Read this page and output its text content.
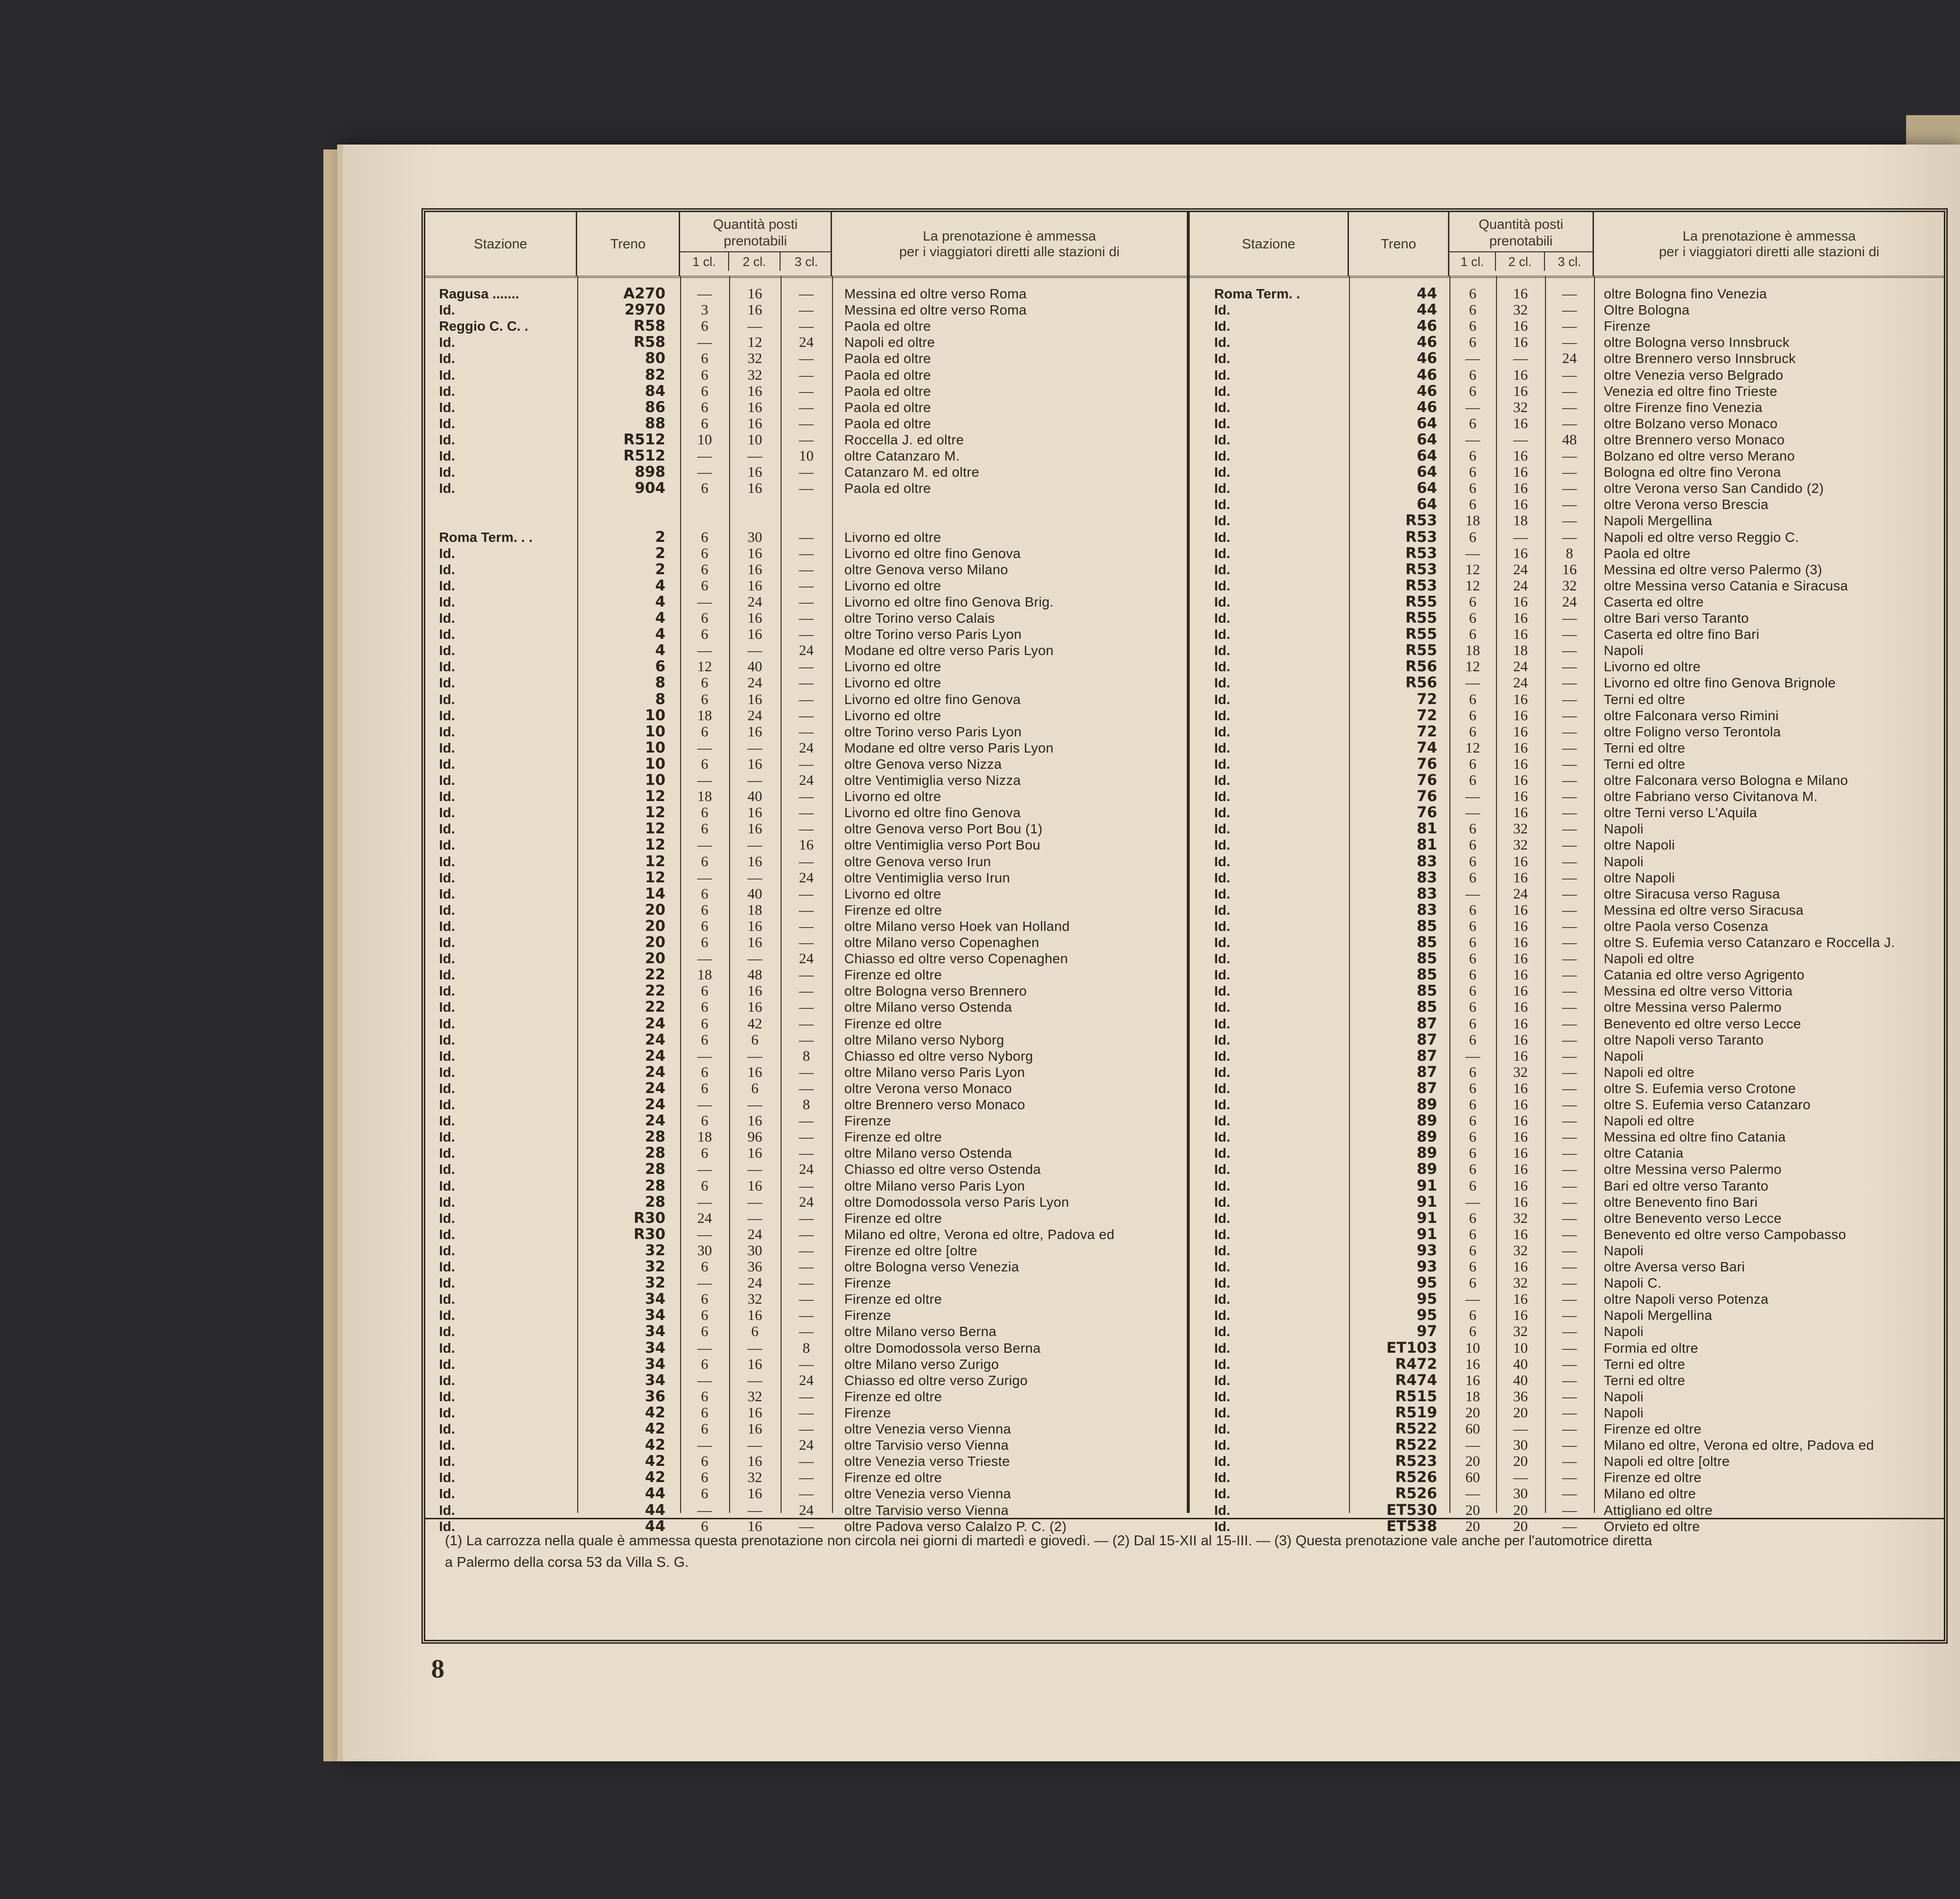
Stazione	Treno
Quantità posti
prenotabili
1 cl.	2 cl.	3 cl.
La prenotazione è ammessa
per i viaggiatori diretti alle stazioni di
Ragusa .......	A270	—	16	—	Messina ed oltre verso Roma
Id.	2970	3	16	—	Messina ed oltre verso Roma
Reggio C. C. .	R58	6	—	—	Paola ed oltre
Id.	R58	—	12	24	Napoli ed oltre
Id.	80	6	32	—	Paola ed oltre
Id.	82	6	32	—	Paola ed oltre
Id.	84	6	16	—	Paola ed oltre
Id.	86	6	16	—	Paola ed oltre
Id.	88	6	16	—	Paola ed oltre
Id.	R512	10	10	—	Roccella J. ed oltre
Id.	R512	—	—	10	oltre Catanzaro M.
Id.	898	—	16	—	Catanzaro M. ed oltre
Id.	904	6	16	—	Paola ed oltre
Roma Term. . .	2	6	30	—	Livorno ed oltre
Id.	2	6	16	—	Livorno ed oltre fino Genova
Id.	2	6	16	—	oltre Genova verso Milano
Id.	4	6	16	—	Livorno ed oltre
Id.	4	—	24	—	Livorno ed oltre fino Genova Brig.
Id.	4	6	16	—	oltre Torino verso Calais
Id.	4	6	16	—	oltre Torino verso Paris Lyon
Id.	4	—	—	24	Modane ed oltre verso Paris Lyon
Id.	6	12	40	—	Livorno ed oltre
Id.	8	6	24	—	Livorno ed oltre
Id.	8	6	16	—	Livorno ed oltre fino Genova
Id.	10	18	24	—	Livorno ed oltre
Id.	10	6	16	—	oltre Torino verso Paris Lyon
Id.	10	—	—	24	Modane ed oltre verso Paris Lyon
Id.	10	6	16	—	oltre Genova verso Nizza
Id.	10	—	—	24	oltre Ventimiglia verso Nizza
Id.	12	18	40	—	Livorno ed oltre
Id.	12	6	16	—	Livorno ed oltre fino Genova
Id.	12	6	16	—	oltre Genova verso Port Bou (1)
Id.	12	—	—	16	oltre Ventimiglia verso Port Bou
Id.	12	6	16	—	oltre Genova verso Irun
Id.	12	—	—	24	oltre Ventimiglia verso Irun
Id.	14	6	40	—	Livorno ed oltre
Id.	20	6	18	—	Firenze ed oltre
Id.	20	6	16	—	oltre Milano verso Hoek van Holland
Id.	20	6	16	—	oltre Milano verso Copenaghen
Id.	20	—	—	24	Chiasso ed oltre verso Copenaghen
Id.	22	18	48	—	Firenze ed oltre
Id.	22	6	16	—	oltre Bologna verso Brennero
Id.	22	6	16	—	oltre Milano verso Ostenda
Id.	24	6	42	—	Firenze ed oltre
Id.	24	6	6	—	oltre Milano verso Nyborg
Id.	24	—	—	8	Chiasso ed oltre verso Nyborg
Id.	24	6	16	—	oltre Milano verso Paris Lyon
Id.	24	6	6	—	oltre Verona verso Monaco
Id.	24	—	—	8	oltre Brennero verso Monaco
Id.	24	6	16	—	Firenze
Id.	28	18	96	—	Firenze ed oltre
Id.	28	6	16	—	oltre Milano verso Ostenda
Id.	28	—	—	24	Chiasso ed oltre verso Ostenda
Id.	28	6	16	—	oltre Milano verso Paris Lyon
Id.	28	—	—	24	oltre Domodossola verso Paris Lyon
Id.	R30	24	—	—	Firenze ed oltre
Id.	R30	—	24	—	Milano ed oltre, Verona ed oltre, Padova ed
Id.	32	30	30	—	Firenze ed oltre [oltre
Id.	32	6	36	—	oltre Bologna verso Venezia
Id.	32	—	24	—	Firenze
Id.	34	6	32	—	Firenze ed oltre
Id.	34	6	16	—	Firenze
Id.	34	6	6	—	oltre Milano verso Berna
Id.	34	—	—	8	oltre Domodossola verso Berna
Id.	34	6	16	—	oltre Milano verso Zurigo
Id.	34	—	—	24	Chiasso ed oltre verso Zurigo
Id.	36	6	32	—	Firenze ed oltre
Id.	42	6	16	—	Firenze
Id.	42	6	16	—	oltre Venezia verso Vienna
Id.	42	—	—	24	oltre Tarvisio verso Vienna
Id.	42	6	16	—	oltre Venezia verso Trieste
Id.	42	6	32	—	Firenze ed oltre
Id.	44	6	16	—	oltre Venezia verso Vienna
Id.	44	—	—	24	oltre Tarvisio verso Vienna
Id.	44	6	16	—	oltre Padova verso Calalzo P. C. (2)
Stazione	Treno
Quantità posti
prenotabili
1 cl.	2 cl.	3 cl.
La prenotazione è ammessa
per i viaggiatori diretti alle stazioni di
Roma Term. .	44	6	16	—	oltre Bologna fino Venezia
Id.	44	6	32	—	Oltre Bologna
Id.	46	6	16	—	Firenze
Id.	46	6	16	—	oltre Bologna verso Innsbruck
Id.	46	—	—	24	oltre Brennero verso Innsbruck
Id.	46	6	16	—	oltre Venezia verso Belgrado
Id.	46	6	16	—	Venezia ed oltre fino Trieste
Id.	46	—	32	—	oltre Firenze fino Venezia
Id.	64	6	16	—	oltre Bolzano verso Monaco
Id.	64	—	—	48	oltre Brennero verso Monaco
Id.	64	6	16	—	Bolzano ed oltre verso Merano
Id.	64	6	16	—	Bologna ed oltre fino Verona
Id.	64	6	16	—	oltre Verona verso San Candido (2)
Id.	64	6	16	—	oltre Verona verso Brescia
Id.	R53	18	18	—	Napoli Mergellina
Id.	R53	6	—	—	Napoli ed oltre verso Reggio C.
Id.	R53	—	16	8	Paola ed oltre
Id.	R53	12	24	16	Messina ed oltre verso Palermo (3)
Id.	R53	12	24	32	oltre Messina verso Catania e Siracusa
Id.	R55	6	16	24	Caserta ed oltre
Id.	R55	6	16	—	oltre Bari verso Taranto
Id.	R55	6	16	—	Caserta ed oltre fino Bari
Id.	R55	18	18	—	Napoli
Id.	R56	12	24	—	Livorno ed oltre
Id.	R56	—	24	—	Livorno ed oltre fino Genova Brignole
Id.	72	6	16	—	Terni ed oltre
Id.	72	6	16	—	oltre Falconara verso Rimini
Id.	72	6	16	—	oltre Foligno verso Terontola
Id.	74	12	16	—	Terni ed oltre
Id.	76	6	16	—	Terni ed oltre
Id.	76	6	16	—	oltre Falconara verso Bologna e Milano
Id.	76	—	16	—	oltre Fabriano verso Civitanova M.
Id.	76	—	16	—	oltre Terni verso L'Aquila
Id.	81	6	32	—	Napoli
Id.	81	6	32	—	oltre Napoli
Id.	83	6	16	—	Napoli
Id.	83	6	16	—	oltre Napoli
Id.	83	—	24	—	oltre Siracusa verso Ragusa
Id.	83	6	16	—	Messina ed oltre verso Siracusa
Id.	85	6	16	—	oltre Paola verso Cosenza
Id.	85	6	16	—	oltre S. Eufemia verso Catanzaro e Roccella J.
Id.	85	6	16	—	Napoli ed oltre
Id.	85	6	16	—	Catania ed oltre verso Agrigento
Id.	85	6	16	—	Messina ed oltre verso Vittoria
Id.	85	6	16	—	oltre Messina verso Palermo
Id.	87	6	16	—	Benevento ed oltre verso Lecce
Id.	87	6	16	—	oltre Napoli verso Taranto
Id.	87	—	16	—	Napoli
Id.	87	6	32	—	Napoli ed oltre
Id.	87	6	16	—	oltre S. Eufemia verso Crotone
Id.	89	6	16	—	oltre S. Eufemia verso Catanzaro
Id.	89	6	16	—	Napoli ed oltre
Id.	89	6	16	—	Messina ed oltre fino Catania
Id.	89	6	16	—	oltre Catania
Id.	89	6	16	—	oltre Messina verso Palermo
Id.	91	6	16	—	Bari ed oltre verso Taranto
Id.	91	—	16	—	oltre Benevento fino Bari
Id.	91	6	32	—	oltre Benevento verso Lecce
Id.	91	6	16	—	Benevento ed oltre verso Campobasso
Id.	93	6	32	—	Napoli
Id.	93	6	16	—	oltre Aversa verso Bari
Id.	95	6	32	—	Napoli C.
Id.	95	—	16	—	oltre Napoli verso Potenza
Id.	95	6	16	—	Napoli Mergellina
Id.	97	6	32	—	Napoli
Id.	ET103	10	10	—	Formia ed oltre
Id.	R472	16	40	—	Terni ed oltre
Id.	R474	16	40	—	Terni ed oltre
Id.	R515	18	36	—	Napoli
Id.	R519	20	20	—	Napoli
Id.	R522	60	—	—	Firenze ed oltre
Id.	R522	—	30	—	Milano ed oltre, Verona ed oltre, Padova ed
Id.	R523	20	20	—	Napoli ed oltre [oltre
Id.	R526	60	—	—	Firenze ed oltre
Id.	R526	—	30	—	Milano ed oltre
Id.	ET530	20	20	—	Attigliano ed oltre
Id.	ET538	20	20	—	Orvieto ed oltre
(1) La carrozza nella quale è ammessa questa prenotazione non circola nei giorni di martedì e giovedì. — (2) Dal 15-XII al 15-III. — (3) Questa prenotazione vale anche per l'automotrice diretta
a Palermo della corsa 53 da Villa S. G.
8
